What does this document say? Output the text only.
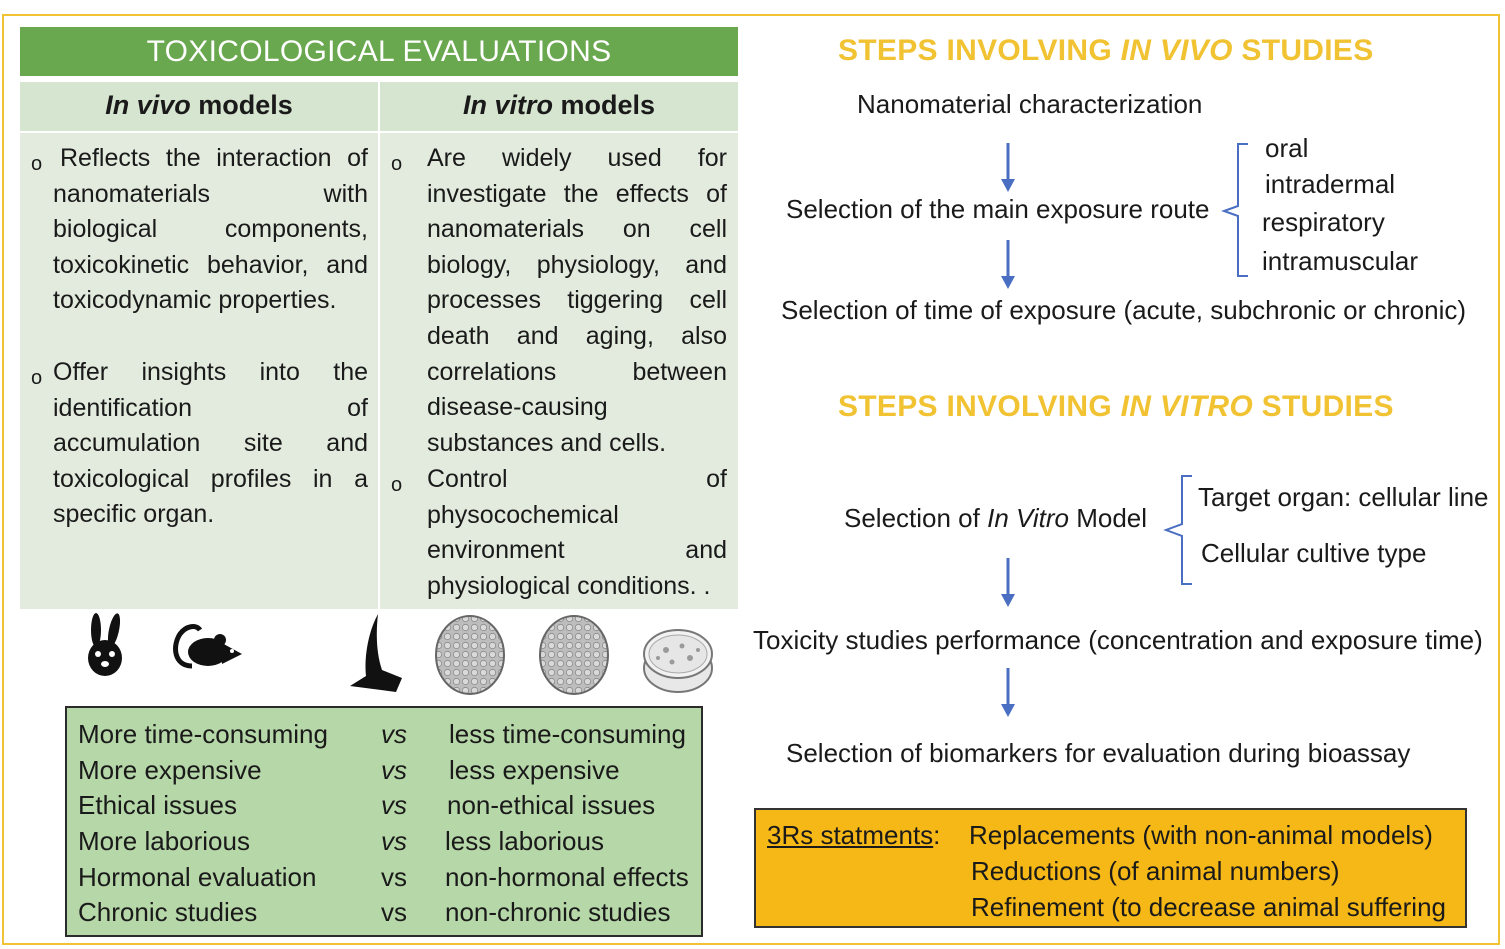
TOXICOLOGICAL EVALUATIONS
In vivo models	In vitro models
o Reflects the interaction of nanomaterials with biological components, toxicokinetic behavior, and toxicodynamic properties.
o Offer insights into the identification of accumulation site and toxicological profiles in a specific organ.
o Are widely used for investigate the effects of nanomaterials on cell biology, physiology, and processes tiggering cell death and aging, also correlations between disease-causing substances and cells.
o Control of physocochemical environment and physiological conditions. .
More time-consuming vs less time-consuming
More expensive	vs less expensive
Ethical issues	vs non-ethical issues
More laborious	vs less laborious
Hormonal evaluation vs non-hormonal effects
Chronic studies	vs non-chronic studies
STEPS INVOLVING IN VIVO STUDIES
Nanomaterial characterization
Selection of the main exposure route
oral
intradermal
respiratory
intramuscular
Selection of time of exposure (acute, subchronic or chronic)
STEPS INVOLVING IN VITRO STUDIES
Selection of In Vitro Model
Target organ: cellular line
Cellular cultive type
Toxicity studies performance (concentration and exposure time)
Selection of biomarkers for evaluation during bioassay
3Rs statments: Replacements (with non-animal models)
Reductions (of animal numbers)
Refinement (to decrease animal suffering
